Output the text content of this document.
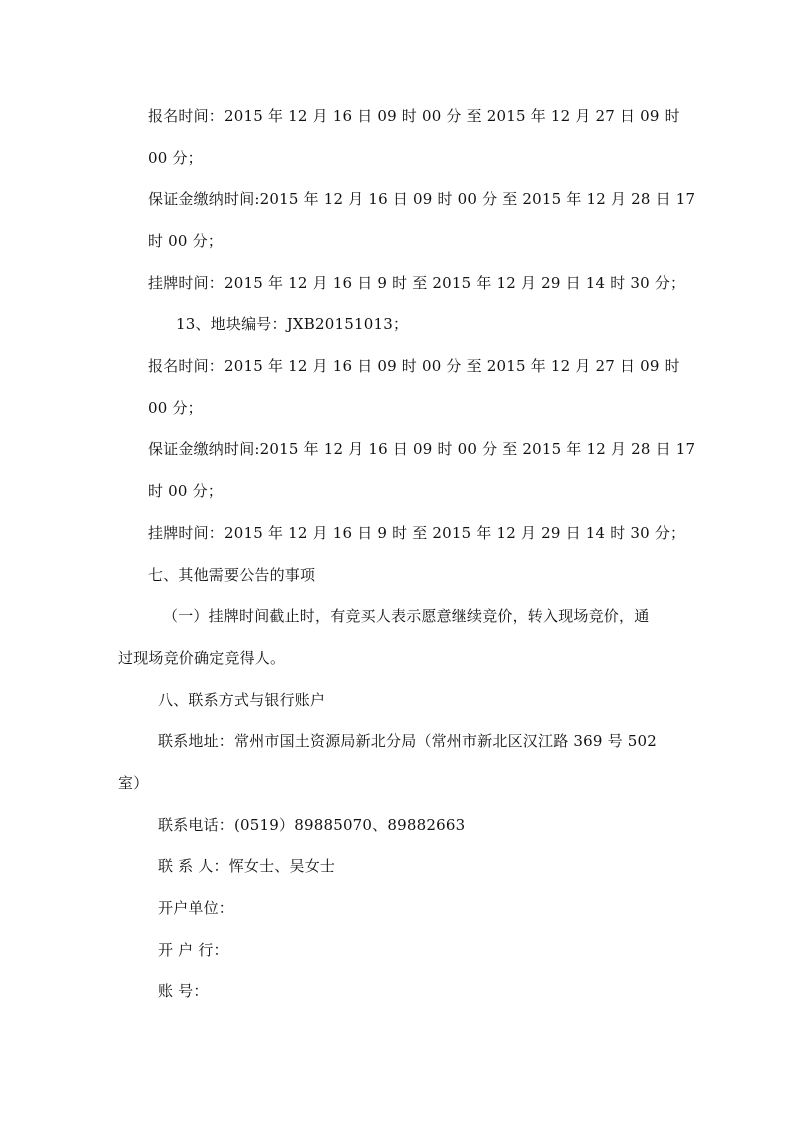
报名时间：2015 年 12 月 16 日 09 时 00 分 至 2015 年 12 月 27 日 09 时
00 分；
保证金缴纳时间:2015 年 12 月 16 日 09 时 00 分 至 2015 年 12 月 28 日 17
时 00 分；
挂牌时间：2015 年 12 月 16 日 9 时 至 2015 年 12 月 29 日 14 时 30 分；
13、地块编号：JXB20151013；
报名时间：2015 年 12 月 16 日 09 时 00 分 至 2015 年 12 月 27 日 09 时
00 分；
保证金缴纳时间:2015 年 12 月 16 日 09 时 00 分 至 2015 年 12 月 28 日 17
时 00 分；
挂牌时间：2015 年 12 月 16 日 9 时 至 2015 年 12 月 29 日 14 时 30 分；
七、其他需要公告的事项
（一）挂牌时间截止时，有竞买人表示愿意继续竞价，转入现场竞价，通
过现场竞价确定竞得人。
八、联系方式与银行账户
联系地址：常州市国土资源局新北分局（常州市新北区汉江路 369 号 502
室）
联系电话：(0519）89885070、89882663
联 系 人：恽女士、吴女士
开户单位：
开 户 行：
账 号：
